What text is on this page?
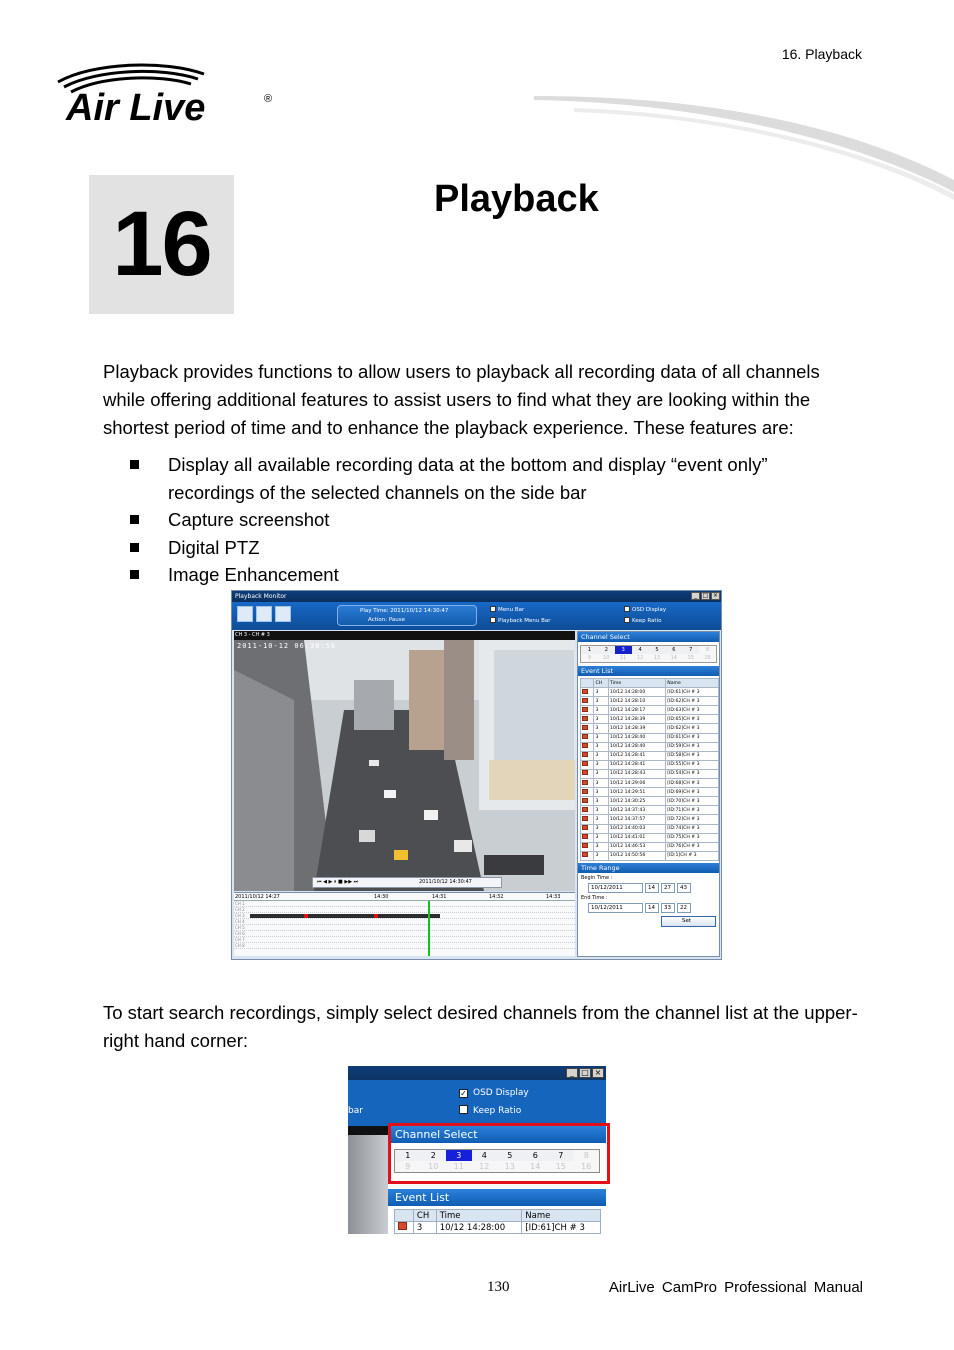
16. Playback
Air Live	®
16	Playback

Playback provides functions to allow users to playback all recording data of all channels while offering additional features to assist users to find what they are looking within the shortest period of time and to enhance the playback experience. These features are:

Display all available recording data at the bottom and display “event only” recordings of the selected channels on the side bar
Capture screenshot
Digital PTZ
Image Enhancement
Playback Monitor	_ □ ×
Play Time: 2011/10/12 14:30:47
Action: Pause
Menu Bar
Playback Menu Bar
OSD Display
Keep Ratio
CH 3 - CH # 3
2011-10-12 06:30:58
⏮ ◀ ▶ ⏸ ■ ▶▶ ⏭	2011/10/12 14:30:47
2011/10/12 14:27	14:30	14:31	14:32	14:33
CH 1
CH 2
CH 3
CH 4
CH 5
CH 6
CH 7
CH 8
Channel Select
1	2	3	4	5	6	7	8
9	10	11	12	13	14	15	16
Event List
	CH	Time	Name
	3	10/12 14:28:00	[ID:61]CH # 3
	3	10/12 14:28:10	[ID:62]CH # 3
	3	10/12 14:28:17	[ID:63]CH # 3
	3	10/12 14:28:39	[ID:65]CH # 3
	3	10/12 14:28:39	[ID:62]CH # 3
	3	10/12 14:28:40	[ID:61]CH # 3
	3	10/12 14:28:40	[ID:59]CH # 3
	3	10/12 14:28:41	[ID:58]CH # 3
	3	10/12 14:28:41	[ID:55]CH # 3
	3	10/12 14:28:43	[ID:54]CH # 3
	3	10/12 14:29:06	[ID:68]CH # 3
	3	10/12 14:29:51	[ID:69]CH # 3
	3	10/12 14:30:25	[ID:70]CH # 3
	3	10/12 14:37:43	[ID:71]CH # 3
	3	10/12 14:37:57	[ID:72]CH # 3
	3	10/12 14:40:03	[ID:74]CH # 3
	3	10/12 14:41:01	[ID:75]CH # 3
	3	10/12 14:46:53	[ID:76]CH # 3
	3	10/12 14:50:56	[ID:1]CH # 3
Time Range
Begin Time :
10/12/2011	14	27	43
End Time :
10/12/2011	14	33	22
Set

To start search recordings, simply select desired channels from the channel list at the upper-right hand corner:

_ □ ×
✓ OSD Display
Keep Ratio
bar
Channel Select
1	2	3	4	5	6	7	8
9	10	11	12	13	14	15	16
Event List
	CH	Time	Name
	3	10/12 14:28:00	[ID:61]CH # 3
130	AirLive CamPro Professional Manual
